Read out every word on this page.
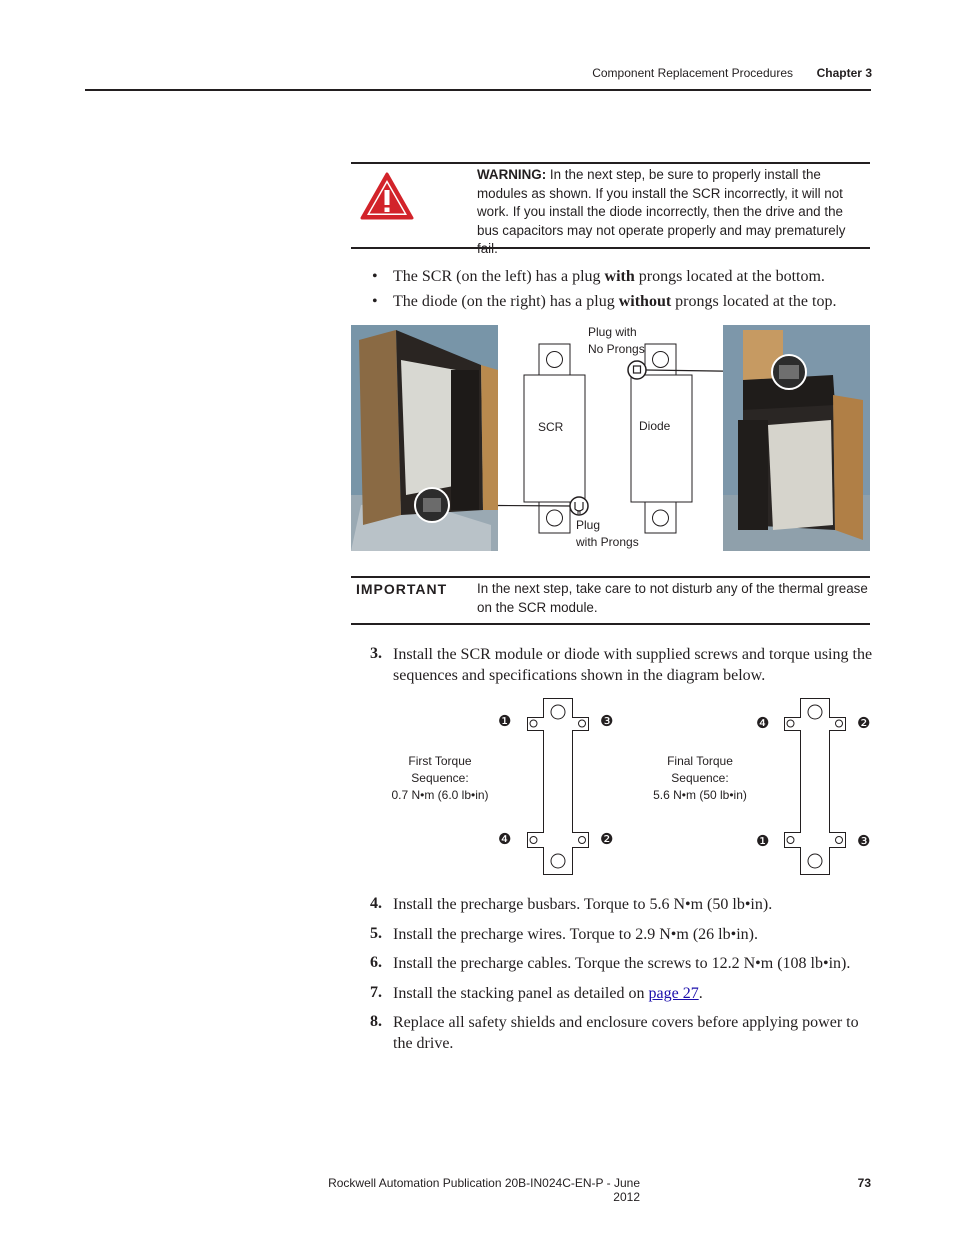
Component Replacement Procedures	Chapter 3
WARNING: In the next step, be sure to properly install the modules as shown. If you install the SCR incorrectly, it will not work. If you install the diode incorrectly, then the drive and the bus capacitors may not operate properly and may prematurely
• The SCR (on the left) has a plug with prongs located at the bottom.
• The diode (on the right) has a plug without prongs located at the top.
SCR	Diode
Plug with
No Prongs
Plug
with Prongs
IMPORTANT In the next step, take care to not disturb any of the thermal grease on the SCR module.
3. Install the SCR module or diode with supplied screws and torque using the sequences and specifications shown in the diagram below.
First Torque
Sequence:
0.7 N•m (6.0 lb•in)
❶	❸
❹	❷
Final Torque
Sequence:
5.6 N•m (50 lb•in)
❹	❷
❶	❸
4. Install the precharge busbars. Torque to 5.6 N•m (50 lb•in).
5. Install the precharge wires. Torque to 2.9 N•m (26 lb•in).
6. Install the precharge cables. Torque the screws to 12.2 N•m (108 lb•in).
7. Install the stacking panel as detailed on page 27.
8. Replace all safety shields and enclosure covers before applying power to the drive.
Rockwell Automation Publication 20B-IN024C-EN-P - June 2012
73
